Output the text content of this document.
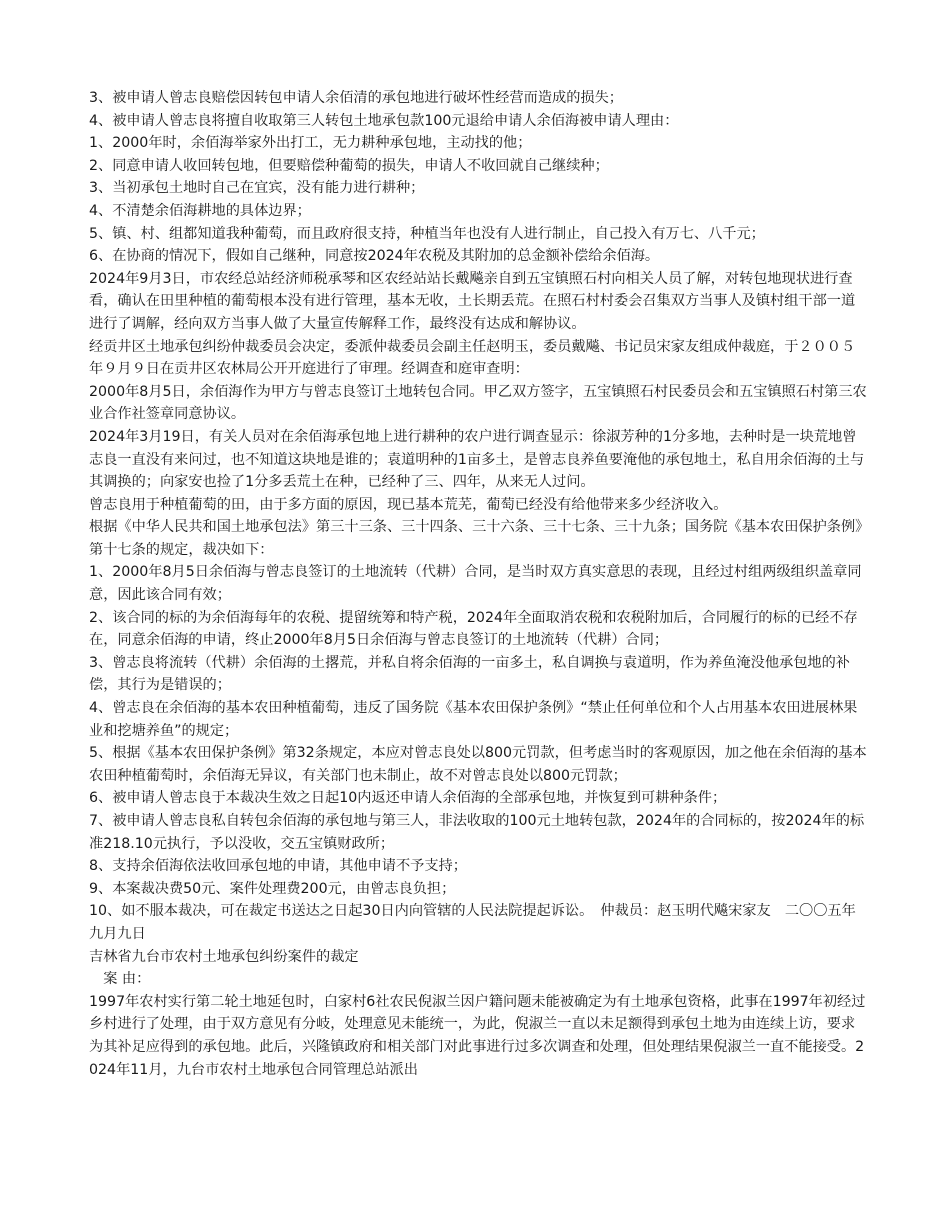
3、被申请人曾志良赔偿因转包申请人余佰清的承包地进行破坏性经营而造成的损失；

4、被申请人曾志良将擅自收取第三人转包土地承包款100元退给申请人余佰海被申请人理由：

1、2000年时，余佰海举家外出打工，无力耕种承包地，主动找的他；

2、同意申请人收回转包地，但要赔偿种葡萄的损失，申请人不收回就自己继续种；

3、当初承包土地时自己在宜宾，没有能力进行耕种；

4、不清楚余佰海耕地的具体边界；

5、镇、村、组都知道我种葡萄，而且政府很支持，种植当年也没有人进行制止，自己投入有万七、八千元；

6、在协商的情况下，假如自己继种，同意按2024年农税及其附加的总金额补偿给余佰海。

2024年9月3日，市农经总站经济师税承琴和区农经站站长戴飚亲自到五宝镇照石村向相关人员了解，对转包地现状进行查看，确认在田里种植的葡萄根本没有进行管理，基本无收，土长期丢荒。在照石村村委会召集双方当事人及镇村组干部一道进行了调解，经向双方当事人做了大量宣传解释工作，最终没有达成和解协议。

经贡井区土地承包纠纷仲裁委员会决定，委派仲裁委员会副主任赵明玉，委员戴飚、书记员宋家友组成仲裁庭，于２００５年９月９日在贡井区农林局公开开庭进行了审理。经调查和庭审查明：

2000年8月5日，余佰海作为甲方与曾志良签订土地转包合同。甲乙双方签字，五宝镇照石村民委员会和五宝镇照石村第三农业合作社签章同意协议。

2024年3月19日，有关人员对在余佰海承包地上进行耕种的农户进行调查显示：徐淑芳种的1分多地，去种时是一块荒地曾志良一直没有来问过，也不知道这块地是谁的；袁道明种的1亩多土，是曾志良养鱼要淹他的承包地土，私自用余佰海的土与其调换的；向家安也捡了1分多丢荒土在种，已经种了三、四年，从来无人过问。

曾志良用于种植葡萄的田，由于多方面的原因，现已基本荒芜，葡萄已经没有给他带来多少经济收入。

根据《中华人民共和国土地承包法》第三十三条、三十四条、三十六条、三十七条、三十九条；国务院《基本农田保护条例》第十七条的规定，裁决如下：

1、2000年8月5日余佰海与曾志良签订的土地流转（代耕）合同，是当时双方真实意思的表现，且经过村组两级组织盖章同意，因此该合同有效；

2、该合同的标的为余佰海每年的农税、提留统筹和特产税，2024年全面取消农税和农税附加后，合同履行的标的已经不存在，同意余佰海的申请，终止2000年8月5日余佰海与曾志良签订的土地流转（代耕）合同；

3、曾志良将流转（代耕）余佰海的土撂荒，并私自将余佰海的一亩多土，私自调换与袁道明，作为养鱼淹没他承包地的补偿，其行为是错误的；

4、曾志良在余佰海的基本农田种植葡萄，违反了国务院《基本农田保护条例》“禁止任何单位和个人占用基本农田进展林果业和挖塘养鱼”的规定；

5、根据《基本农田保护条例》第32条规定，本应对曾志良处以800元罚款，但考虑当时的客观原因，加之他在余佰海的基本农田种植葡萄时，余佰海无异议，有关部门也未制止，故不对曾志良处以800元罚款；

6、被申请人曾志良于本裁决生效之日起10内返还申请人余佰海的全部承包地，并恢复到可耕种条件；

7、被申请人曾志良私自转包余佰海的承包地与第三人，非法收取的100元土地转包款，2024年的合同标的，按2024年的标准218.10元执行，予以没收，交五宝镇财政所；

8、支持余佰海依法收回承包地的申请，其他申请不予支持；

9、本案裁决费50元、案件处理费200元，由曾志良负担；

10、如不服本裁决，可在裁定书送达之日起30日内向管辖的人民法院提起诉讼。　仲裁员：赵玉明代飚宋家友　二〇〇五年九月九日

吉林省九台市农村土地承包纠纷案件的裁定

　案 由：

1997年农村实行第二轮土地延包时，白家村6社农民倪淑兰因户籍问题未能被确定为有土地承包资格，此事在1997年初经过乡村进行了处理，由于双方意见有分岐，处理意见未能统一，为此，倪淑兰一直以未足额得到承包土地为由连续上访，要求为其补足应得到的承包地。此后，兴隆镇政府和相关部门对此事进行过多次调查和处理，但处理结果倪淑兰一直不能接受。2024年11月，九台市农村土地承包合同管理总站派出
